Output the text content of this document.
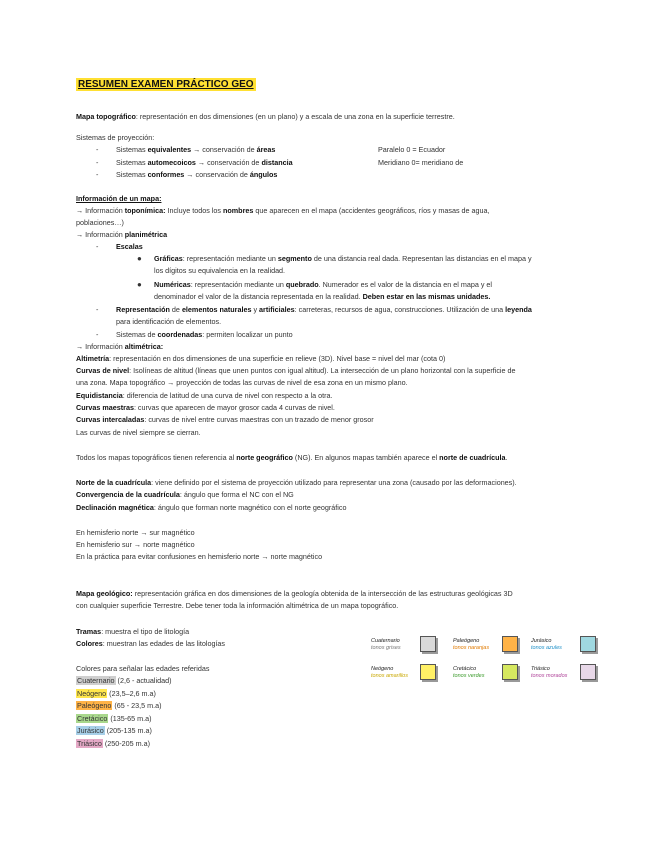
RESUMEN EXAMEN PRÁCTICO GEO
Mapa topográfico: representación en dos dimensiones (en un plano) y a escala de una zona en la superficie terrestre.
Sistemas de proyección:
- Sistemas equivalentes → conservación de áreas
- Sistemas automecoicos → conservación de distancia
- Sistemas conformes → conservación de ángulos
Paralelo 0 = Ecuador
Meridiano 0= meridiano de
Información de un mapa:
→ Información toponímica: Incluye todos los nombres que aparecen en el mapa (accidentes geográficos, ríos y masas de agua,
poblaciones…)
→ Información planimétrica
- Escalas
● Gráficas: representación mediante un segmento de una distancia real dada. Representan las distancias en el mapa y
los dígitos su equivalencia en la realidad.
● Numéricas: representación mediante un quebrado. Numerador es el valor de la distancia en el mapa y el
denominador el valor de la distancia representada en la realidad. Deben estar en las mismas unidades.
- Representación de elementos naturales y artificiales: carreteras, recursos de agua, construcciones. Utilización de una leyenda
para identificación de elementos.
- Sistemas de coordenadas: permiten localizar un punto
→ Información altimétrica:
Altimetría: representación en dos dimensiones de una superficie en relieve (3D). Nivel base = nivel del mar (cota 0)
Curvas de nivel: Isolíneas de altitud (líneas que unen puntos con igual altitud). La intersección de un plano horizontal con la superficie de
una zona. Mapa topográfico → proyección de todas las curvas de nivel de esa zona en un mismo plano.
Equidistancia: diferencia de latitud de una curva de nivel con respecto a la otra.
Curvas maestras: curvas que aparecen de mayor grosor cada 4 curvas de nivel.
Curvas intercaladas: curvas de nivel entre curvas maestras con un trazado de menor grosor
Las curvas de nivel siempre se cierran.
Todos los mapas topográficos tienen referencia al norte geográfico (NG). En algunos mapas también aparece el norte de cuadrícula.
Norte de la cuadrícula: viene definido por el sistema de proyección utilizado para representar una zona (causado por las deformaciones).
Convergencia de la cuadrícula: ángulo que forma el NC con el NG
Declinación magnética: ángulo que forman norte magnético con el norte geográfico
En hemisferio norte → sur magnético
En hemisferio sur → norte magnético
En la práctica para evitar confusiones en hemisferio norte → norte magnético
Mapa geológico: representación gráfica en dos dimensiones de la geología obtenida de la intersección de las estructuras geológicas 3D
con cualquier superficie Terrestre. Debe tener toda la información altimétrica de un mapa topográfico.
Tramas: muestra el tipo de litología
Colores: muestran las edades de las litologías
Colores para señalar las edades referidas
Cuaternario (2,6 - actualidad)
Neógeno (23,5–2,6 m.a)
Paleógeno (65 - 23,5 m.a)
Cretácico (135-65 m.a)
Jurásico (205-135 m.a)
Triásico (250-205 m.a)
Cuaternario
tonos grises
Paleógeno
tonos naranjas
Jurásico
tonos azules
Neógeno
tonos amarillos
Cretácico
tonos verdes
Triásico
tonos morados
